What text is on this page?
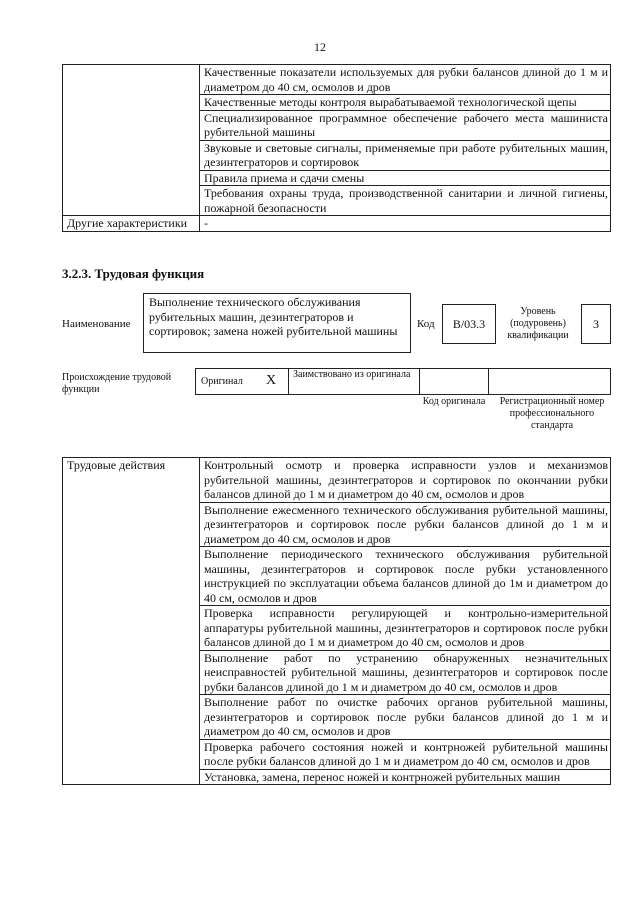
12
	Качественные показатели используемых для рубки балансов длиной до 1 м и диаметром до 40 см, осмолов и дров
	Качественные методы контроля вырабатываемой технологической щепы
	Специализированное программное обеспечение рабочего места машиниста рубительной машины
	Звуковые и световые сигналы, применяемые при работе рубительных машин, дезинтеграторов и сортировок
	Правила приема и сдачи смены
	Требования охраны труда, производственной санитарии и личной гигиены, пожарной безопасности
Другие характеристики	-
3.2.3. Трудовая функция
Наименование
Выполнение технического обслуживания рубительных машин, дезинтеграторов и сортировок; замена ножей рубительной машины	Код	B/03.3
Уровень (подуровень) квалификации
3
Происхождение трудовой функции
Оригинал X Заимствовано из оригинала
Код оригинала	Регистрационный номер профессионального стандарта
Трудовые действия	Контрольный осмотр и проверка исправности узлов и механизмов рубительной машины, дезинтеграторов и сортировок по окончании рубки балансов длиной до 1 м и диаметром до 40 см, осмолов и дров
Выполнение ежесменного технического обслуживания рубительной машины, дезинтеграторов и сортировок после рубки балансов длиной до 1 м и диаметром до 40 см, осмолов и дров
Выполнение периодического технического обслуживания рубительной машины, дезинтеграторов и сортировок после рубки установленного инструкцией по эксплуатации объема балансов длиной до 1м и диаметром до 40 см, осмолов и дров
Проверка исправности регулирующей и контрольно-измерительной аппаратуры рубительной машины, дезинтеграторов и сортировок после рубки балансов длиной до 1 м и диаметром до 40 см, осмолов и дров
Выполнение работ по устранению обнаруженных незначительных неисправностей рубительной машины, дезинтеграторов и сортировок после рубки балансов длиной до 1 м и диаметром до 40 см, осмолов и дров
Выполнение работ по очистке рабочих органов рубительной машины, дезинтеграторов и сортировок после рубки балансов длиной до 1 м и диаметром до 40 см, осмолов и дров
Проверка рабочего состояния ножей и контрножей рубительной машины после рубки балансов длиной до 1 м и диаметром до 40 см, осмолов и дров
Установка, замена, перенос ножей и контрножей рубительных машин
